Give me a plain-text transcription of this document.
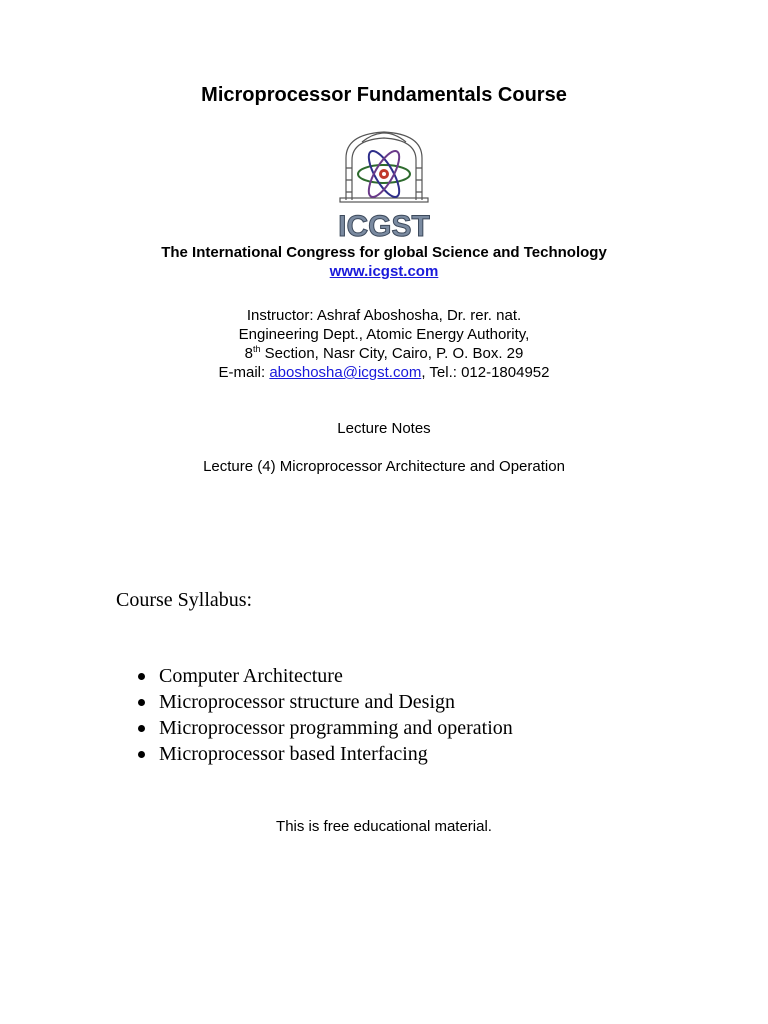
Microprocessor Fundamentals Course
ICGST
The International Congress for global Science and Technology
www.icgst.com
Instructor: Ashraf Aboshosha, Dr. rer. nat.
Engineering Dept., Atomic Energy Authority,
8th Section, Nasr City, Cairo, P. O. Box. 29
E-mail: aboshosha@icgst.com, Tel.: 012-1804952
Lecture Notes
Lecture (4) Microprocessor Architecture and Operation
Course Syllabus:
Computer Architecture
Microprocessor structure and Design
Microprocessor programming and operation
Microprocessor based Interfacing
This is free educational material.
